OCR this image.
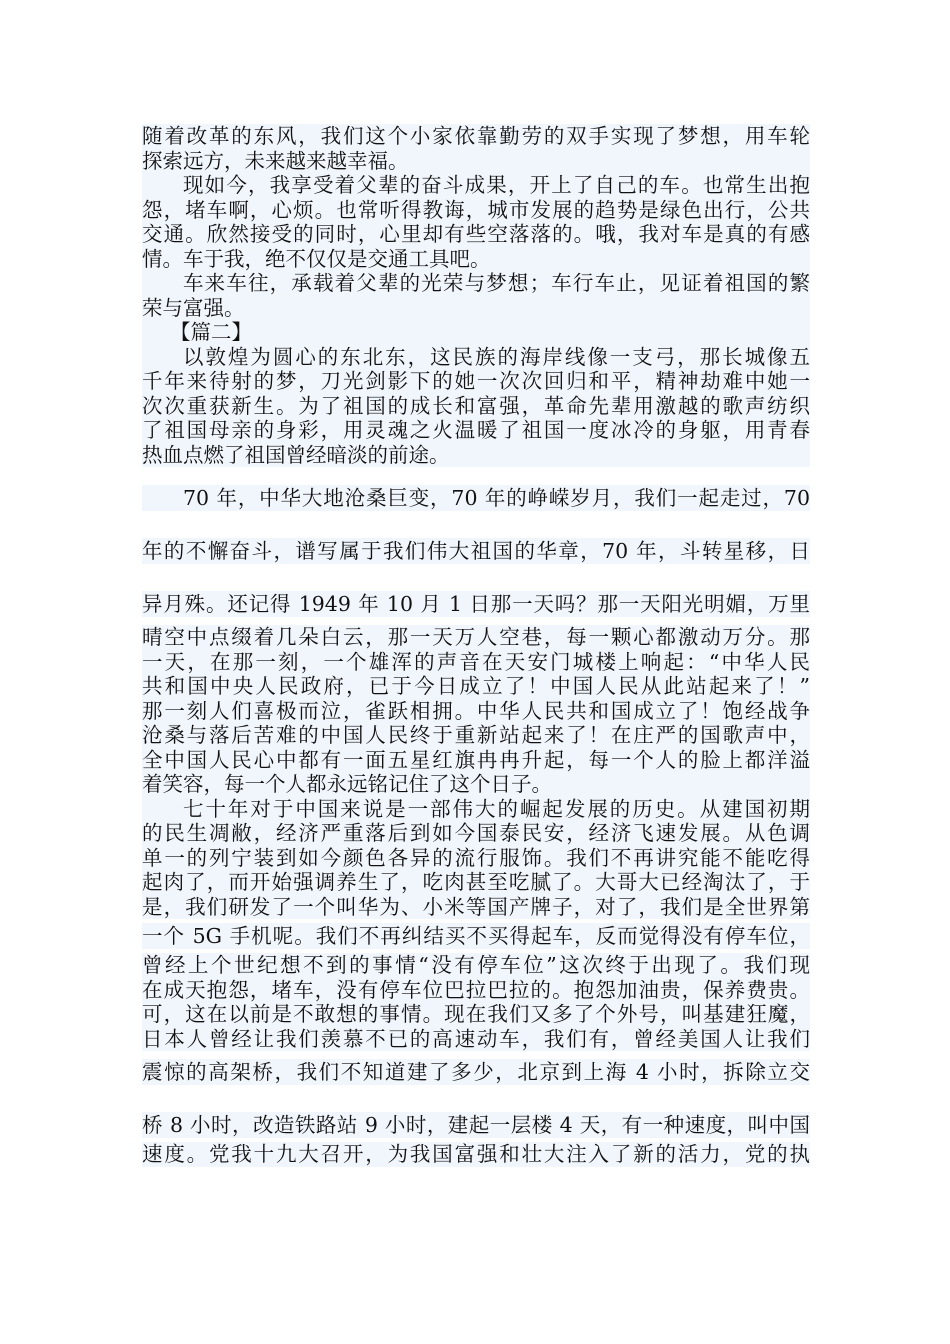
随着改革的东风，我们这个小家依靠勤劳的双手实现了梦想，用车轮
探索远方，未来越来越幸福。
现如今，我享受着父辈的奋斗成果，开上了自己的车。也常生出抱
怨，堵车啊，心烦。也常听得教诲，城市发展的趋势是绿色出行，公共
交通。欣然接受的同时，心里却有些空落落的。哦，我对车是真的有感
情。车于我，绝不仅仅是交通工具吧。
车来车往，承载着父辈的光荣与梦想；车行车止，见证着祖国的繁
荣与富强。
【篇二】
以敦煌为圆心的东北东，这民族的海岸线像一支弓，那长城像五
千年来待射的梦，刀光剑影下的她一次次回归和平，精神劫难中她一
次次重获新生。为了祖国的成长和富强，革命先辈用激越的歌声纺织
了祖国母亲的身彩，用灵魂之火温暖了祖国一度冰冷的身躯，用青春
热血点燃了祖国曾经暗淡的前途。
70 年，中华大地沧桑巨变，70 年的峥嵘岁月，我们一起走过，70
年的不懈奋斗，谱写属于我们伟大祖国的华章，70 年，斗转星移，日
异月殊。还记得 1949 年 10 月 1 日那一天吗？那一天阳光明媚，万里
晴空中点缀着几朵白云，那一天万人空巷，每一颗心都激动万分。那
一天，在那一刻，一个雄浑的声音在天安门城楼上响起：“中华人民
共和国中央人民政府，已于今日成立了！中国人民从此站起来了！”
那一刻人们喜极而泣，雀跃相拥。中华人民共和国成立了！饱经战争
沧桑与落后苦难的中国人民终于重新站起来了！在庄严的国歌声中，
全中国人民心中都有一面五星红旗冉冉升起，每一个人的脸上都洋溢
着笑容，每一个人都永远铭记住了这个日子。
七十年对于中国来说是一部伟大的崛起发展的历史。从建国初期
的民生凋敝，经济严重落后到如今国泰民安，经济飞速发展。从色调
单一的列宁装到如今颜色各异的流行服饰。我们不再讲究能不能吃得
起肉了，而开始强调养生了，吃肉甚至吃腻了。大哥大已经淘汰了，于
是，我们研发了一个叫华为、小米等国产牌子，对了，我们是全世界第
一个 5G 手机呢。我们不再纠结买不买得起车，反而觉得没有停车位，
曾经上个世纪想不到的事情“没有停车位”这次终于出现了。我们现
在成天抱怨，堵车，没有停车位巴拉巴拉的。抱怨加油贵，保养费贵。
可，这在以前是不敢想的事情。现在我们又多了个外号，叫基建狂魔，
日本人曾经让我们羡慕不已的高速动车，我们有，曾经美国人让我们
震惊的高架桥，我们不知道建了多少，北京到上海 4 小时，拆除立交
桥 8 小时，改造铁路站 9 小时，建起一层楼 4 天，有一种速度，叫中国
速度。党我十九大召开，为我国富强和壮大注入了新的活力，党的执
